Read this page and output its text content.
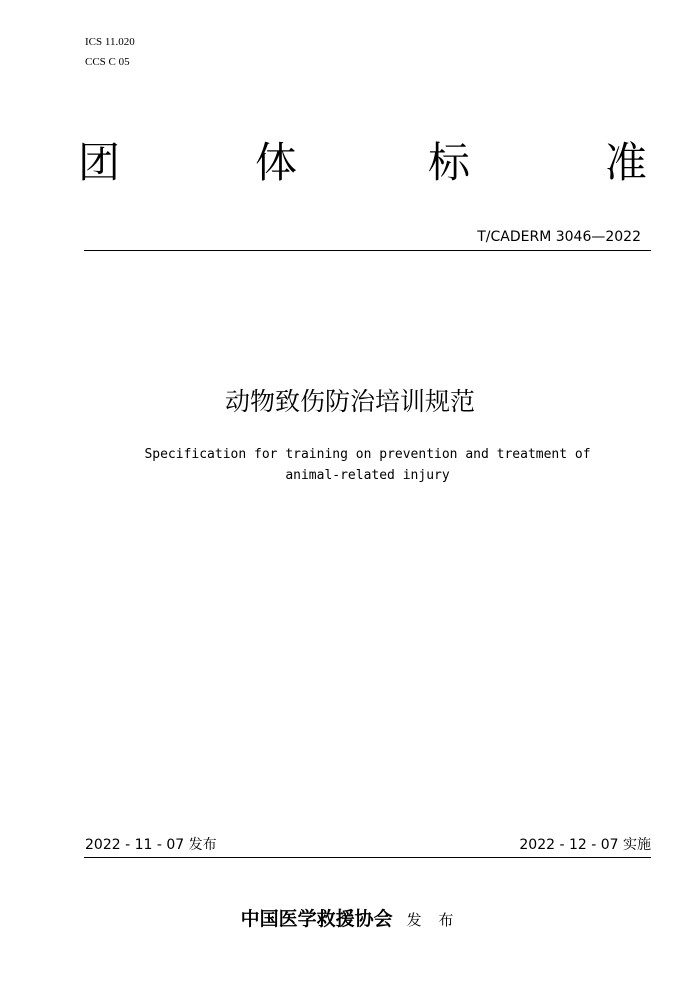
ICS 11.020
CCS C 05
团	体	标	准
T/CADERM 3046—2022
动物致伤防治培训规范
Specification for training on prevention and treatment of
animal-related injury
2022 - 11 - 07 发布	2022 - 12 - 07 实施
中国医学救援协会 发 布
